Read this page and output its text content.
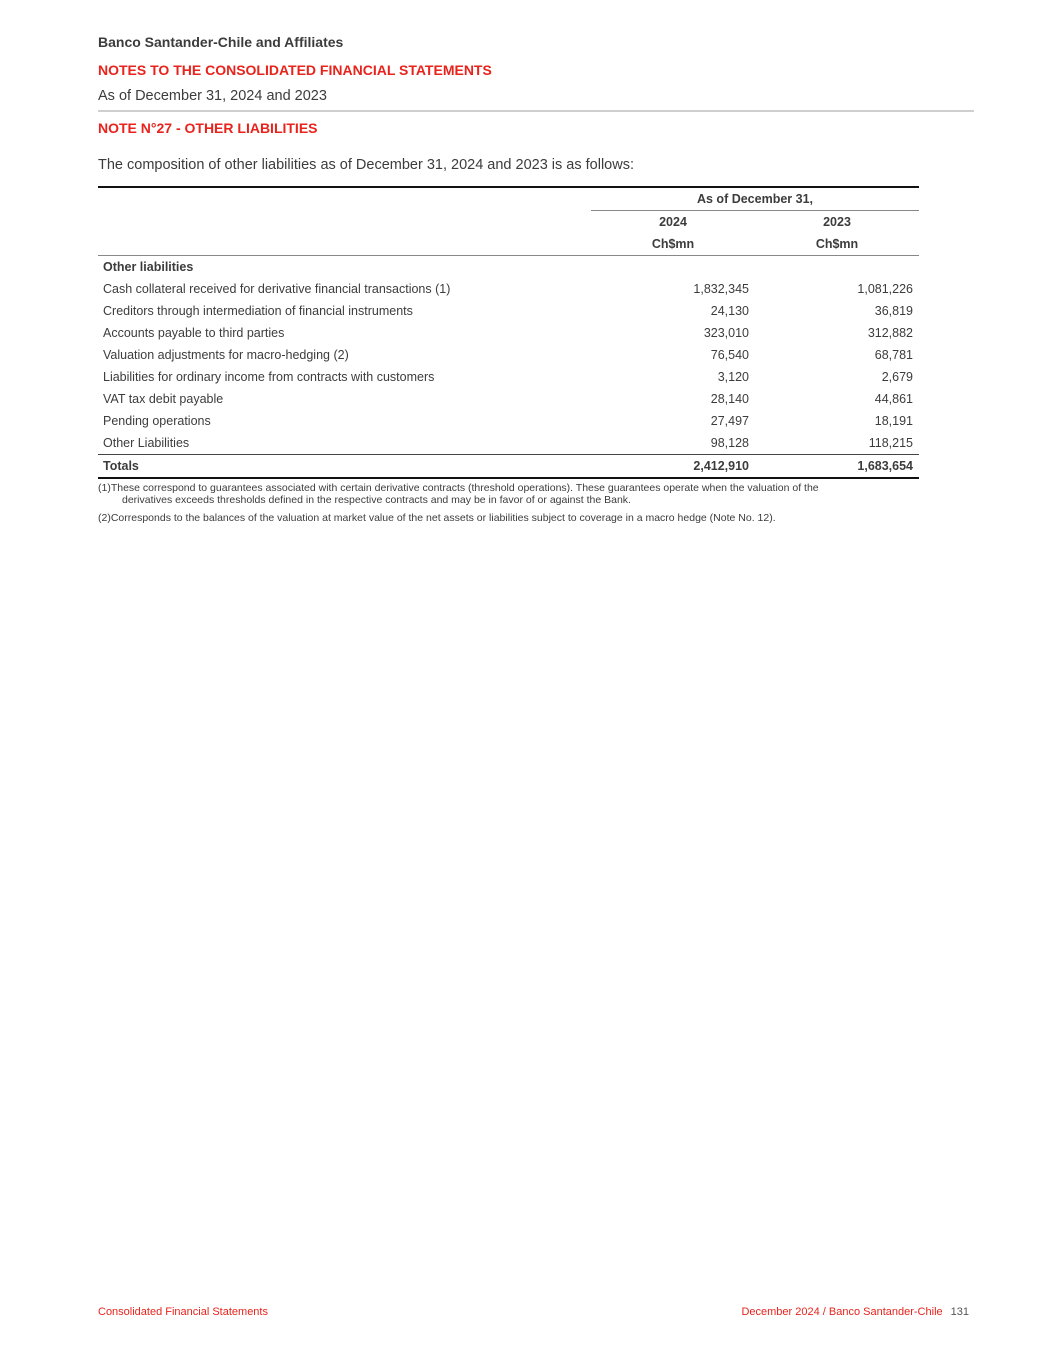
Banco Santander-Chile and Affiliates
NOTES TO THE CONSOLIDATED FINANCIAL STATEMENTS
As of December 31, 2024 and 2023
NOTE N°27 - OTHER LIABILITIES
The composition of other liabilities as of December 31, 2024 and 2023 is as follows:
	As of December 31,	
	2024	2023
	Ch$mn	Ch$mn
Other liabilities		
Cash collateral received for derivative financial transactions (1)	1,832,345	1,081,226
Creditors through intermediation of financial instruments	24,130	36,819
Accounts payable to third parties	323,010	312,882
Valuation adjustments for macro-hedging (2)	76,540	68,781
Liabilities for ordinary income from contracts with customers	3,120	2,679
VAT tax debit payable	28,140	44,861
Pending operations	27,497	18,191
Other Liabilities	98,128	118,215
Totals	2,412,910	1,683,654
(1)These correspond to guarantees associated with certain derivative contracts (threshold operations). These guarantees operate when the valuation of the
derivatives exceeds thresholds defined in the respective contracts and may be in favor of or against the Bank.
(2)Corresponds to the balances of the valuation at market value of the net assets or liabilities subject to coverage in a macro hedge (Note No. 12).
Consolidated Financial Statements	December 2024 / Banco Santander-Chile 131
